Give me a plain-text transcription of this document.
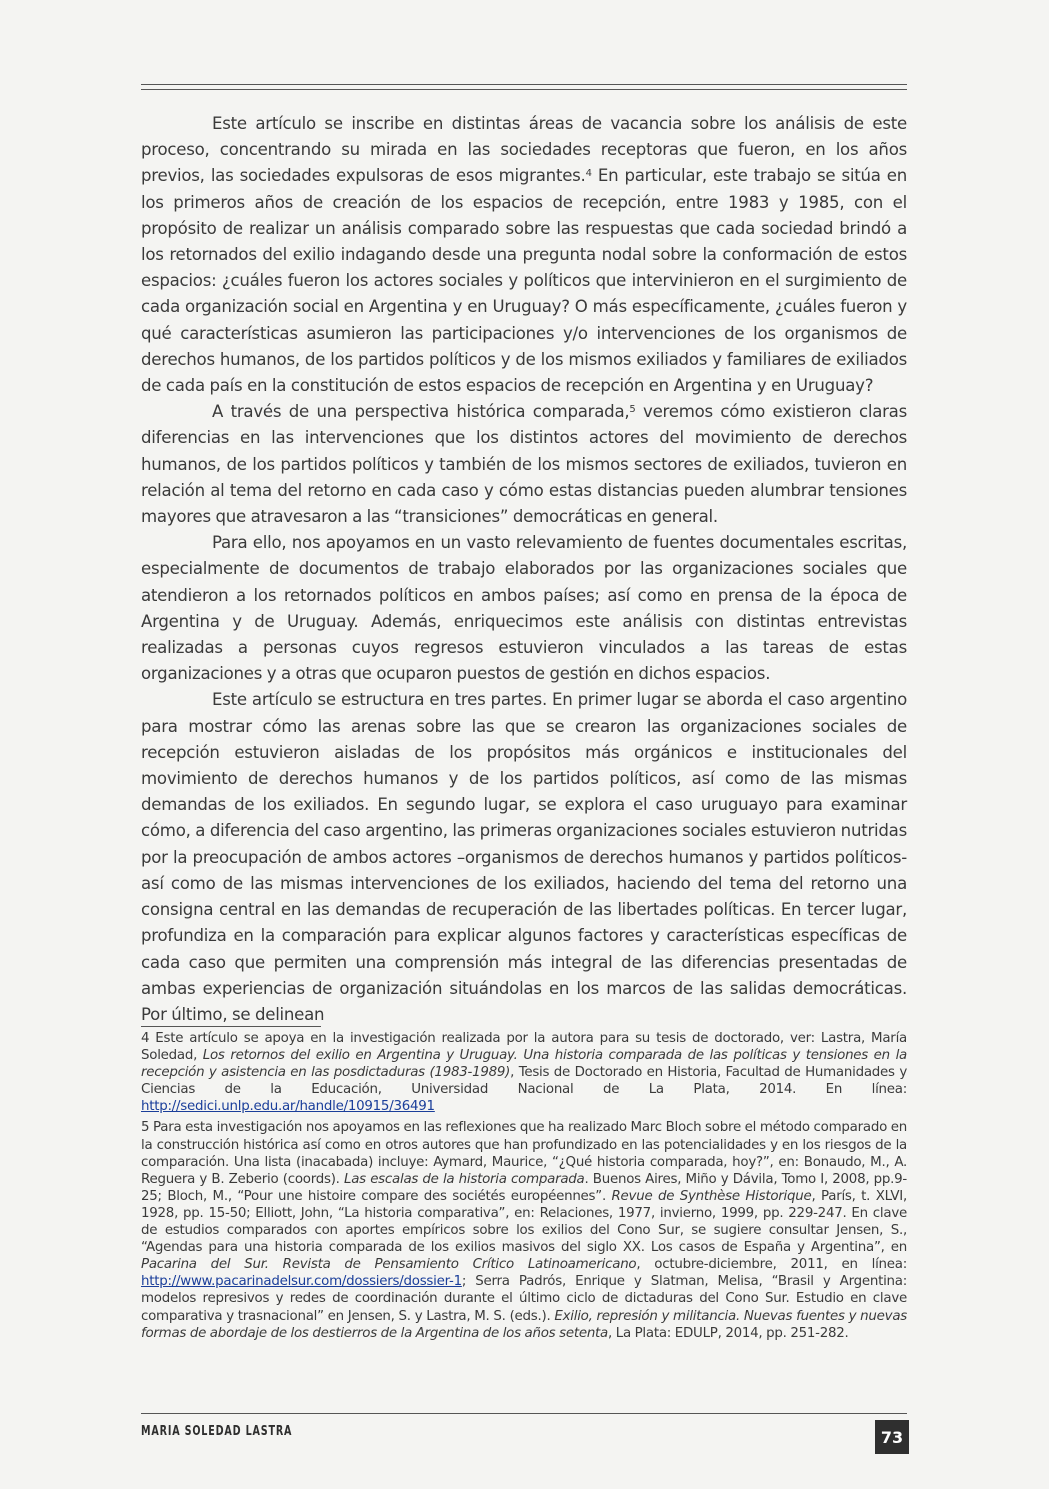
Este artículo se inscribe en distintas áreas de vacancia sobre los análisis de este proceso, concentrando su mirada en las sociedades receptoras que fueron, en los años previos, las sociedades expulsoras de esos migrantes.$^4$ En particular, este trabajo se sitúa en los primeros años de creación de los espacios de recepción, entre 1983 y 1985, con el propósito de realizar un análisis comparado sobre las respuestas que cada sociedad brindó a los retornados del exilio indagando desde una pregunta nodal sobre la conformación de estos espacios: ¿cuáles fueron los actores sociales y políticos que intervinieron en el surgimiento de cada organización social en Argentina y en Uruguay? O más específicamente, ¿cuáles fueron y qué características asumieron las participaciones y/o intervenciones de los organismos de derechos humanos, de los partidos políticos y de los mismos exiliados y familiares de exiliados de cada país en la constitución de estos espacios de recepción en Argentina y en Uruguay?

A través de una perspectiva histórica comparada,$^5$ veremos cómo existieron claras diferencias en las intervenciones que los distintos actores del movimiento de derechos humanos, de los partidos políticos y también de los mismos sectores de exiliados, tuvieron en relación al tema del retorno en cada caso y cómo estas distancias pueden alumbrar tensiones mayores que atravesaron a las “transiciones” democráticas en general.

Para ello, nos apoyamos en un vasto relevamiento de fuentes documentales escritas, especialmente de documentos de trabajo elaborados por las organizaciones sociales que atendieron a los retornados políticos en ambos países; así como en prensa de la época de Argentina y de Uruguay. Además, enriquecimos este análisis con distintas entrevistas realizadas a personas cuyos regresos estuvieron vinculados a las tareas de estas organizaciones y a otras que ocuparon puestos de gestión en dichos espacios.

Este artículo se estructura en tres partes. En primer lugar se aborda el caso argentino para mostrar cómo las arenas sobre las que se crearon las organizaciones sociales de recepción estuvieron aisladas de los propósitos más orgánicos e institucionales del movimiento de derechos humanos y de los partidos políticos, así como de las mismas demandas de los exiliados. En segundo lugar, se explora el caso uruguayo para examinar cómo, a diferencia del caso argentino, las primeras organizaciones sociales estuvieron nutridas por la preocupación de ambos actores –organismos de derechos humanos y partidos políticos- así como de las mismas intervenciones de los exiliados, haciendo del tema del retorno una consigna central en las demandas de recuperación de las libertades políticas. En tercer lugar, profundiza en la comparación para explicar algunos factores y características específicas de cada caso que permiten una comprensión más integral de las diferencias presentadas de ambas experiencias de organización situándolas en los marcos de las salidas democráticas. Por último, se delinean

4 Este artículo se apoya en la investigación realizada por la autora para su tesis de doctorado, ver: Lastra, María Soledad, Los retornos del exilio en Argentina y Uruguay. Una historia comparada de las políticas y tensiones en la recepción y asistencia en las posdictaduras (1983-1989), Tesis de Doctorado en Historia, Facultad de Humanidades y Ciencias de la Educación, Universidad Nacional de La Plata, 2014. En línea: http://sedici.unlp.edu.ar/handle/10915/36491

5 Para esta investigación nos apoyamos en las reflexiones que ha realizado Marc Bloch sobre el método comparado en la construcción histórica así como en otros autores que han profundizado en las potencialidades y en los riesgos de la comparación. Una lista (inacabada) incluye: Aymard, Maurice, “¿Qué historia comparada, hoy?”, en: Bonaudo, M., A. Reguera y B. Zeberio (coords). Las escalas de la historia comparada. Buenos Aires, Miño y Dávila, Tomo I, 2008, pp.9-25; Bloch, M., “Pour une histoire compare des sociétés européennes”. Revue de Synthèse Historique, París, t. XLVI, 1928, pp. 15-50; Elliott, John, “La historia comparativa”, en: Relaciones, 1977, invierno, 1999, pp. 229-247. En clave de estudios comparados con aportes empíricos sobre los exilios del Cono Sur, se sugiere consultar Jensen, S., “Agendas para una historia comparada de los exilios masivos del siglo XX. Los casos de España y Argentina”, en Pacarina del Sur. Revista de Pensamiento Crítico Latinoamericano, octubre-diciembre, 2011, en línea: http://www.pacarinadelsur.com/dossiers/dossier-1; Serra Padrós, Enrique y Slatman, Melisa, “Brasil y Argentina: modelos represivos y redes de coordinación durante el último ciclo de dictaduras del Cono Sur. Estudio en clave comparativa y trasnacional” en Jensen, S. y Lastra, M. S. (eds.). Exilio, represión y militancia. Nuevas fuentes y nuevas formas de abordaje de los destierros de la Argentina de los años setenta, La Plata: EDULP, 2014, pp. 251-282.

MARIA SOLEDAD LASTRA	73
